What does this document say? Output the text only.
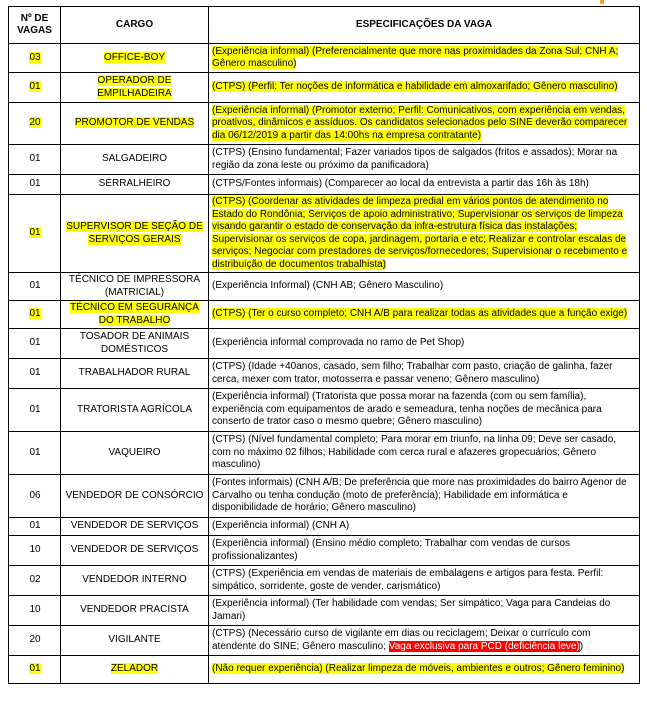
Nº DE
VAGAS	CARGO	ESPECIFICAÇÕES DA VAGA
03	OFFICE-BOY	(Experiência informal) (Preferencialmente que more nas proximidades da Zona Sul; CNH A; Gênero masculino)
01	OPERADOR DE EMPILHADEIRA	(CTPS) (Perfil: Ter noções de informática e habilidade em almoxarifado; Gênero masculino)
20	PROMOTOR DE VENDAS	(Experiência informal) (Promotor externo; Perfil: Comunicativos, com experiência em vendas, proativos, dinâmicos e assíduos. Os candidatos selecionados pelo SINE deverão comparecer dia 06/12/2019 a partir das 14:00hs na empresa contratante)
01	SALGADEIRO	(CTPS) (Ensino fundamental; Fazer variados tipos de salgados (fritos e assados); Morar na região da zona leste ou próximo da panificadora)
01	SERRALHEIRO	(CTPS/Fontes informais) (Comparecer ao local da entrevista a partir das 16h às 18h)
01	SUPERVISOR DE SEÇÃO DE SERVIÇOS GERAIS	(CTPS) (Coordenar as atividades de limpeza predial em vários pontos de atendimento no Estado do Rondônia; Serviços de apoio administrativo; Supervisionar os serviços de limpeza visando garantir o estado de conservação da infra-estrutura física das instalações; Supervisionar os serviços de copa, jardinagem, portaria e etc; Realizar e controlar escalas de serviços; Negociar com prestadores de serviços/fornecedores; Supervisionar o recebimento e distribuição de documentos trabalhista)
01	TÉCNICO DE IMPRESSORA (MATRICIAL)	(Experiência Informal) (CNH AB; Gênero Masculino)
01	TÉCNICO EM SEGURANÇA DO TRABALHO	(CTPS) (Ter o curso completo; CNH A/B para realizar todas as atividades que a função exige)
01	TOSADOR DE ANIMAIS DOMÉSTICOS	(Experiência informal comprovada no ramo de Pet Shop)
01	TRABALHADOR RURAL	(CTPS) (Idade +40anos, casado, sem filho; Trabalhar com pasto, criação de galinha, fazer cerca, mexer com trator, motosserra e passar veneno; Gênero masculino)
01	TRATORISTA AGRÍCOLA	(Experiência informal) (Tratorista que possa morar na fazenda (com ou sem família), experiência com equipamentos de arado e semeadura, tenha noções de mecânica para conserto de trator caso o mesmo quebre; Gênero masculino)
01	VAQUEIRO	(CTPS) (Nível fundamental completo; Para morar em triunfo, na linha 09; Deve ser casado, com no máximo 02 filhos; Habilidade com cerca rural e afazeres gropecuários; Gênero masculino)
06	VENDEDOR DE CONSÓRCIO	(Fontes informais) (CNH A/B; De preferência que more nas proximidades do bairro Agenor de Carvalho ou tenha condução (moto de preferência); Habilidade em informática e disponibilidade de horário; Gênero masculino)
01	VENDEDOR DE SERVIÇOS	(Experiência informal) (CNH A)
10	VENDEDOR DE SERVIÇOS	(Experiência informal) (Ensino médio completo; Trabalhar com vendas de cursos profissionalizantes)
02	VENDEDOR INTERNO	(CTPS) (Experiência em vendas de materiais de embalagens e artigos para festa. Perfil: simpático, sorridente, goste de vender, carismático)
10	VENDEDOR PRACISTA	(Experiência informal) (Ter habilidade com vendas; Ser simpático; Vaga para Candeias do Jamari)
20	VIGILANTE	(CTPS) (Necessário curso de vigilante em dias ou reciclagem; Deixar o currículo com atendente do SINE; Gênero masculino; Vaga exclusiva para PCD (deficiência leve))
01	ZELADOR	(Não requer experiência) (Realizar limpeza de móveis, ambientes e outros; Gênero feminino)
